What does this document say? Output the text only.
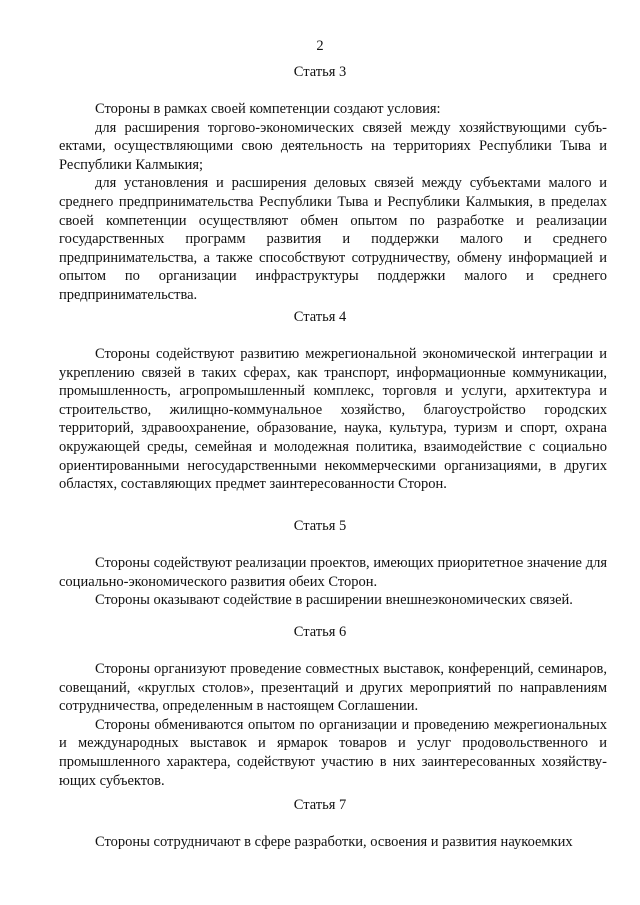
2
Статья 3

Стороны в рамках своей компетенции создают условия:

для расширения торгово-экономических связей между хозяйствующими субъектами, осуществляющими свою деятельность на территориях Республики Тыва и Республики Калмыкия;

для установления и расширения деловых связей между субъектами малого и среднего предпринимательства Республики Тыва и Республики Калмыкия, в пределах своей компетенции осуществляют обмен опытом по разработке и реализации государственных программ развития и поддержки малого и среднего предпринимательства, а также способствуют сотрудничеству, обмену информацией и опытом по организации инфраструктуры поддержки малого и среднего предпринимательства.

Статья 4

Стороны содействуют развитию межрегиональной экономической интеграции и укреплению связей в таких сферах, как транспорт, информационные коммуникации, промышленность, агропромышленный комплекс, торговля и услуги, архитектура и строительство, жилищно-коммунальное хозяйство, благоустройство городских территорий, здравоохранение, образование, наука, культура, туризм и спорт, охрана окружающей среды, семейная и молодежная политика, взаимодействие с социально ориентированными негосударственными некоммерческими организациями, в других областях, составляющих предмет заинтересованности Сторон.

Статья 5

Стороны содействуют реализации проектов, имеющих приоритетное значение для социально-экономического развития обеих Сторон.

Стороны оказывают содействие в расширении внешнеэкономических связей.

Статья 6

Стороны организуют проведение совместных выставок, конференций, семинаров, совещаний, «круглых столов», презентаций и других мероприятий по направлениям сотрудничества, определенным в настоящем Соглашении.

Стороны обмениваются опытом по организации и проведению межрегиональных и международных выставок и ярмарок товаров и услуг продовольственного и промышленного характера, содействуют участию в них заинтересованных хозяйствующих субъектов.

Статья 7

Стороны сотрудничают в сфере разработки, освоения и развития наукоемких
